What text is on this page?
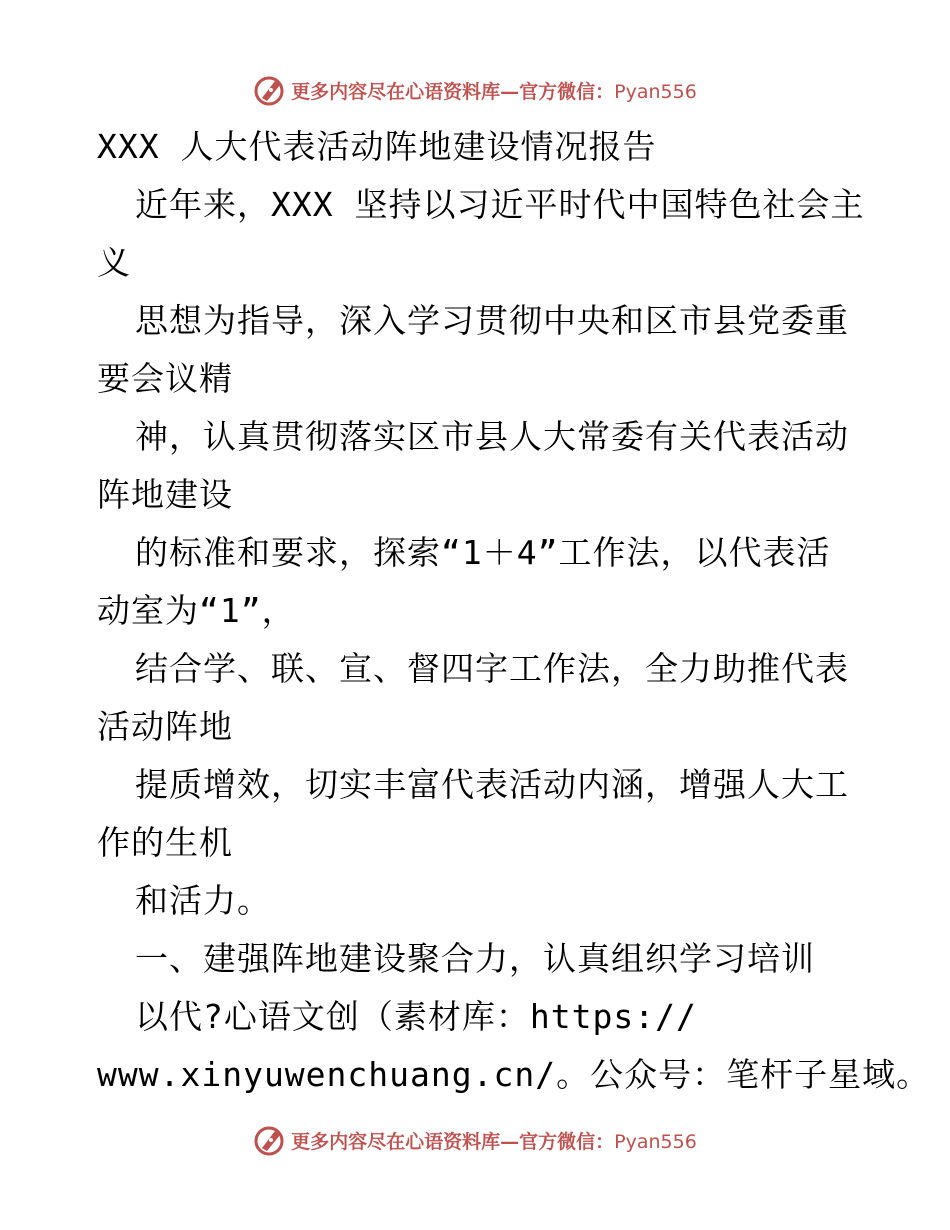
更多内容尽在心语资料库—官方微信：Pyan556
XXX 人大代表活动阵地建设情况报告
近年来，XXX 坚持以习近平时代中国特色社会主
义
思想为指导，深入学习贯彻中央和区市县党委重
要会议精
神，认真贯彻落实区市县人大常委有关代表活动
阵地建设
的标准和要求，探索“1＋4”工作法，以代表活
动室为“1”，
结合学、联、宣、督四字工作法，全力助推代表
活动阵地
提质增效，切实丰富代表活动内涵，增强人大工
作的生机
和活力。
一、建强阵地建设聚合力，认真组织学习培训
以代?心语文创（素材库：https://
www.xinyuwenchuang.cn/。公众号：笔杆子星域。
更多内容尽在心语资料库—官方微信：Pyan556
